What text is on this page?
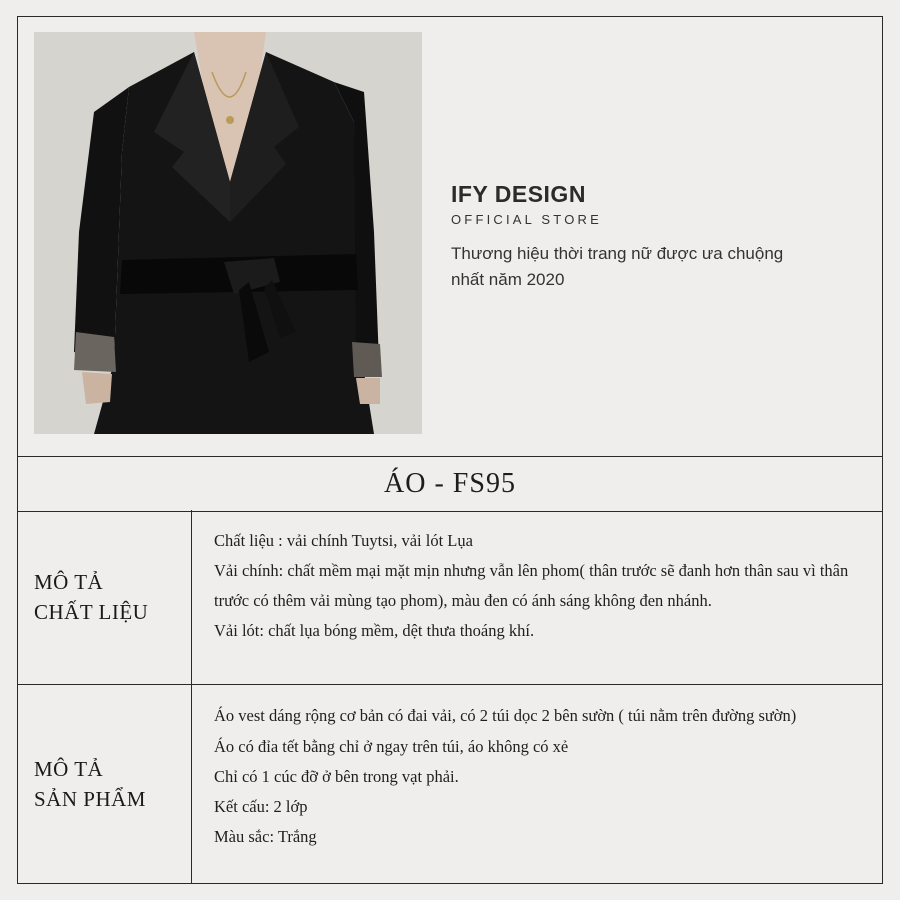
IFY DESIGN
OFFICIAL STORE
Thương hiệu thời trang nữ được ưa chuộng nhất năm 2020
ÁO - FS95
MÔ TẢ
CHẤT LIỆU

Chất liệu : vải chính Tuytsi, vải lót Lụa

Vải chính: chất mềm mại mặt mịn nhưng vẫn lên phom( thân trước sẽ đanh hơn thân sau vì thân trước có thêm vải mùng tạo phom), màu đen có ánh sáng không đen nhánh.

Vải lót: chất lụa bóng mềm, dệt thưa thoáng khí.

MÔ TẢ
SẢN PHẨM

Áo vest dáng rộng cơ bản có đai vải, có 2 túi dọc 2 bên sườn ( túi nằm trên đường sườn)

Áo có đỉa tết bằng chỉ ở ngay trên túi, áo không có xẻ

Chỉ có 1 cúc đỡ ở bên trong vạt phải.

Kết cấu: 2 lớp

Màu sắc: Trắng
